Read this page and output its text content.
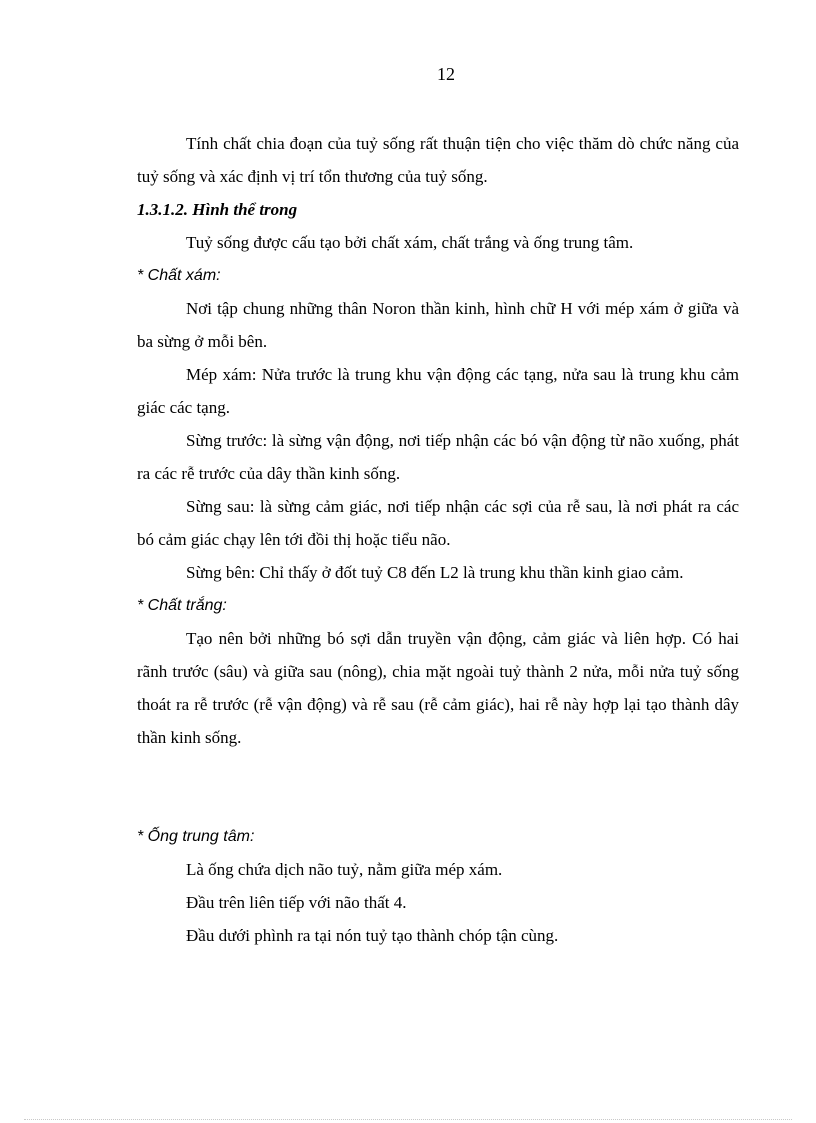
12

Tính chất chia đoạn của tuỷ sống rất thuận tiện cho việc thăm dò chức năng của tuỷ sống và xác định vị trí tổn thương của tuỷ sống.

1.3.1.2. Hình thể trong

Tuỷ sống được cấu tạo bởi chất xám, chất trắng và ống trung tâm.

* Chất xám:

Nơi tập chung những thân Noron thần kinh, hình chữ H với mép xám ở giữa và ba sừng ở mỗi bên.

Mép xám: Nửa trước là trung khu vận động các tạng, nửa sau là trung khu cảm giác các tạng.

Sừng trước: là sừng vận động, nơi tiếp nhận các bó vận động từ não xuống, phát ra các rễ trước của dây thần kinh sống.

Sừng sau: là sừng cảm giác, nơi tiếp nhận các sợi của rễ sau, là nơi phát ra các bó cảm giác chạy lên tới đồi thị hoặc tiểu não.

Sừng bên: Chỉ thấy ở đốt tuỷ C8 đến L2 là trung khu thần kinh giao cảm.

* Chất trắng:

Tạo nên bởi những bó sợi dẫn truyền vận động, cảm giác và liên hợp. Có hai rãnh trước (sâu) và giữa sau (nông), chia mặt ngoài tuỷ thành 2 nửa, mỗi nửa tuỷ sống thoát ra rễ trước (rễ vận động) và rễ sau (rễ cảm giác), hai rễ này hợp lại tạo thành dây thần kinh sống.

* Ống trung tâm:

Là ống chứa dịch não tuỷ, nằm giữa mép xám.

Đầu trên liên tiếp với não thất 4.

Đầu dưới phình ra tại nón tuỷ tạo thành chóp tận cùng.
